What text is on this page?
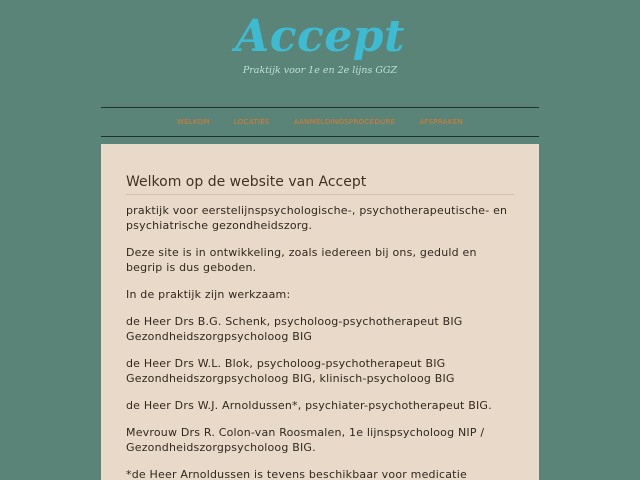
Accept
Praktijk voor 1e en 2e lijns GGZ
WELKOM	LOCATIES	AANMELDINGSPROCEDURE	AFSPRAKEN
Welkom op de website van Accept

praktijk voor eerstelijnspsychologische-, psychotherapeutische- en psychiatrische gezondheidszorg.

Deze site is in ontwikkeling, zoals iedereen bij ons, geduld en begrip is dus geboden.

In de praktijk zijn werkzaam:

de Heer Drs B.G. Schenk, psycholoog-psychotherapeut BIG Gezondheidszorgpsycholoog BIG

de Heer Drs W.L. Blok, psycholoog-psychotherapeut BIG Gezondheidszorgpsycholoog BIG, klinisch-psycholoog BIG

de Heer Drs W.J. Arnoldussen*, psychiater-psychotherapeut BIG.

Mevrouw Drs R. Colon-van Roosmalen, 1e lijnspsycholoog NIP / Gezondheidszorgpsycholoog BIG.

*de Heer Arnoldussen is tevens beschikbaar voor medicatie
